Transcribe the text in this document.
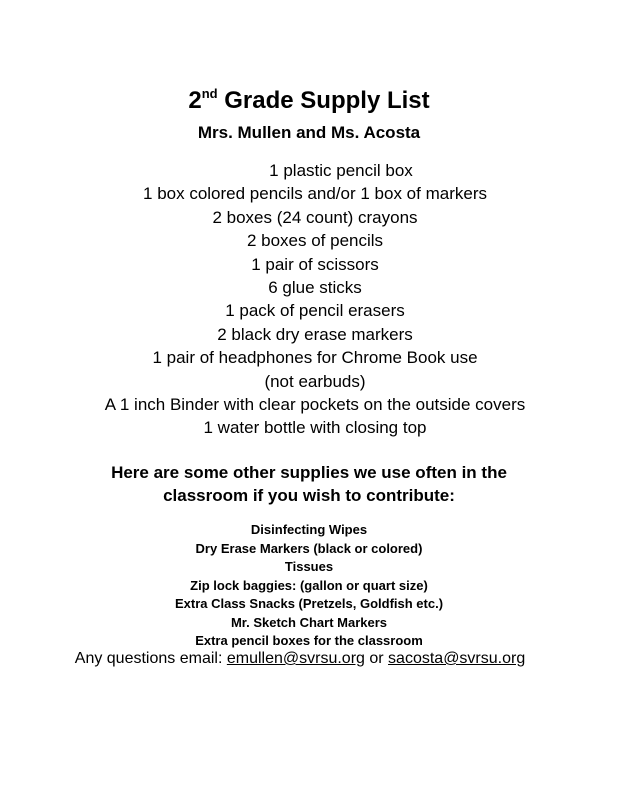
2nd Grade Supply List
Mrs. Mullen and Ms. Acosta
1 plastic pencil box
1 box colored pencils and/or 1 box of markers
2 boxes (24 count) crayons
2 boxes of pencils
1 pair of scissors
6 glue sticks
1 pack of pencil erasers
2 black dry erase markers
1 pair of headphones for Chrome Book use
(not earbuds)
A 1 inch Binder with clear pockets on the outside covers
1 water bottle with closing top
Here are some other supplies we use often in the
classroom if you wish to contribute:
Disinfecting Wipes
Dry Erase Markers (black or colored)
Tissues
Zip lock baggies: (gallon or quart size)
Extra Class Snacks (Pretzels, Goldfish etc.)
Mr. Sketch Chart Markers
Extra pencil boxes for the classroom
Any questions email: emullen@svrsu.org or sacosta@svrsu.org
